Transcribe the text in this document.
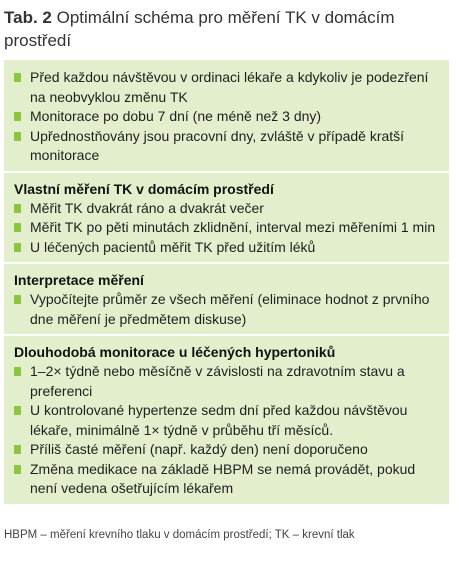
Tab. 2 Optimální schéma pro měření TK v domácím prostředí
Před každou návštěvou v ordinaci lékaře a kdykoliv je podezření na neobvyklou změnu TK
Monitorace po dobu 7 dní (ne méně než 3 dny)
Upřednostňovány jsou pracovní dny, zvláště v případě kratší monitorace
Vlastní měření TK v domácím prostředí
Měřit TK dvakrát ráno a dvakrát večer
Měřit TK po pěti minutách zklidnění, interval mezi měřeními 1 min
U léčených pacientů měřit TK před užitím léků
Interpretace měření
Vypočítejte průměr ze všech měření (eliminace hodnot z prvního dne měření je předmětem diskuse)
Dlouhodobá monitorace u léčených hypertoniků
1–2× týdně nebo měsíčně v závislosti na zdravotním stavu a preferenci
U kontrolované hypertenze sedm dní před každou návštěvou lékaře, minimálně 1× týdně v průběhu tří měsíců.
Příliš časté měření (např. každý den) není doporučeno
Změna medikace na základě HBPM se nemá provádět, pokud není vedena ošetřujícím lékařem
HBPM – měření krevního tlaku v domácím prostředí; TK – krevní tlak
